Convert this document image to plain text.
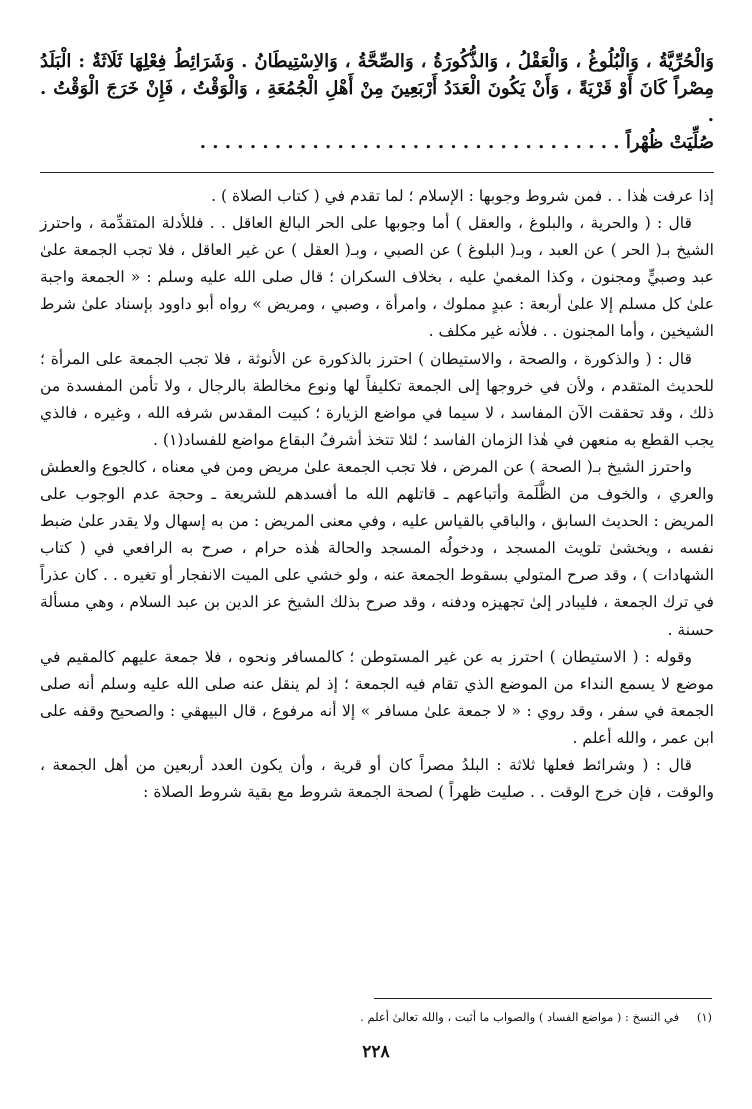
وَالْحُرِّيَّةُ ، وَالْبُلُوغُ ، وَالْعَقْلُ ، وَالذُّكُورَةُ ، وَالصِّحَّةُ ، وَالاِسْتِيطَانُ . وَشَرَائِطُ فِعْلِهَا ثَلَاثَةٌ : الْبَلَدُ مِصْراً كَانَ أَوْ قَرْيَةً ، وَأَنْ يَكُونَ الْعَدَدُ أَرْبَعِينَ مِنْ أَهْلِ الْجُمُعَةِ ، وَالْوَقْتُ ، فَإِنْ خَرَجَ الْوَقْتُ . .

صُلِّيَتْ ظُهْراً . . . . . . . . . . . . . . . . . . . . . . . . . . . . . . . . . .

إذا عرفت هٰذا . . فمن شروط وجوبها : الإسلام ؛ لما تقدم في ( كتاب الصلاة ) .

قال : ( والحرية ، والبلوغ ، والعقل ) أما وجوبها على الحر البالغ العاقل . . فللأدلة المتقدِّمة ، واحترز الشيخ بـ( الحر ) عن العبد ، وبـ( البلوغ ) عن الصبي ، وبـ( العقل ) عن غير العاقل ، فلا تجب الجمعة علىٰ عبد وصبيٍّ ومجنون ، وكذا المغميٰ عليه ، بخلاف السكران ؛ قال صلى الله عليه وسلم : « الجمعة واجبة علىٰ كل مسلم إلا علىٰ أربعة : عبدٍ مملوك ، وامرأة ، وصبي ، ومريض » رواه أبو داوود بإسناد علىٰ شرط الشيخين ، وأما المجنون . . فلأنه غير مكلف .

قال : ( والذكورة ، والصحة ، والاستيطان ) احترز بالذكورة عن الأنوثة ، فلا تجب الجمعة على المرأة ؛ للحديث المتقدم ، ولأن في خروجها إلى الجمعة تكليفاً لها ونوع مخالطة بالرجال ، ولا تأمن المفسدة من ذلك ، وقد تحققت الآن المفاسد ، لا سيما في مواضع الزيارة ؛ كبيت المقدس شرفه الله ، وغيره ، فالذي يجب القطع به منعهن في هٰذا الزمان الفاسد ؛ لئلا تتخذ أشرفُ البقاع مواضع للفساد(١) .

واحترز الشيخ بـ( الصحة ) عن المرض ، فلا تجب الجمعة علىٰ مريض ومن في معناه ، كالجوع والعطش والعري ، والخوف من الظَّلَمة وأتباعهم ـ قاتلهم الله ما أفسدهم للشريعة ـ وحجة عدم الوجوب على المريض : الحديث السابق ، والباقي بالقياس عليه ، وفي معنى المريض : من به إسهال ولا يقدر علىٰ ضبط نفسه ، ويخشىٰ تلويث المسجد ، ودخولُه المسجد والحالة هٰذه حرام ، صرح به الرافعي في ( كتاب الشهادات ) ، وقد صرح المتولي بسقوط الجمعة عنه ، ولو خشي على الميت الانفجار أو تغيره . . كان عذراً في ترك الجمعة ، فليبادر إلىٰ تجهيزه ودفنه ، وقد صرح بذلك الشيخ عز الدين بن عبد السلام ، وهي مسألة حسنة .

وقوله : ( الاستيطان ) احترز به عن غير المستوطن ؛ كالمسافر ونحوه ، فلا جمعة عليهم كالمقيم في موضع لا يسمع النداء من الموضع الذي تقام فيه الجمعة ؛ إذ لم ينقل عنه صلى الله عليه وسلم أنه صلى الجمعة في سفر ، وقد روي : « لا جمعة علىٰ مسافر » إلا أنه مرفوع ، قال البيهقي : والصحيح وقفه على ابن عمر ، والله أعلم .

قال : ( وشرائط فعلها ثلاثة : البلدُ مصراً كان أو قرية ، وأن يكون العدد أربعين من أهل الجمعة ، والوقت ، فإن خرج الوقت . . صليت ظهراً ) لصحة الجمعة شروط مع بقية شروط الصلاة :

(١) في النسخ : ( مواضع الفساد ) والصواب ما أثبت ، والله تعالىٰ أعلم .
٢٢٨
